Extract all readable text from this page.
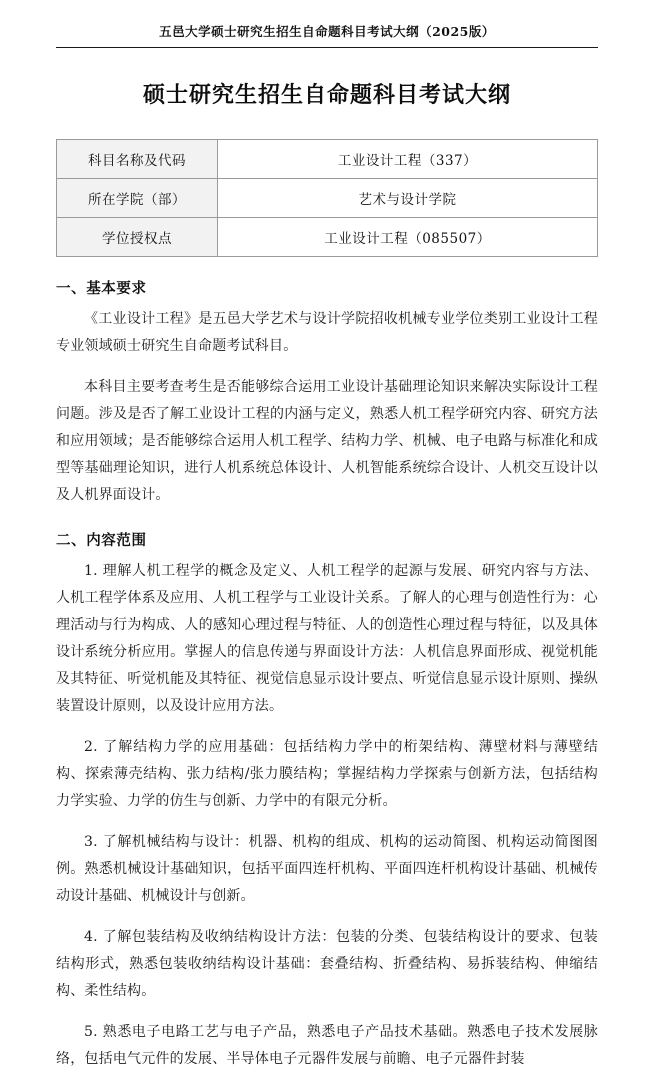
五邑大学硕士研究生招生自命题科目考试大纲（2025版）
硕士研究生招生自命题科目考试大纲
科目名称及代码	工业设计工程（337）
所在学院（部）	艺术与设计学院
学位授权点	工业设计工程（085507）
一、基本要求

《工业设计工程》是五邑大学艺术与设计学院招收机械专业学位类别工业设计工程专业领域硕士研究生自命题考试科目。

本科目主要考查考生是否能够综合运用工业设计基础理论知识来解决实际设计工程问题。涉及是否了解工业设计工程的内涵与定义，熟悉人机工程学研究内容、研究方法和应用领域；是否能够综合运用人机工程学、结构力学、机械、电子电路与标准化和成型等基础理论知识，进行人机系统总体设计、人机智能系统综合设计、人机交互设计以及人机界面设计。

二、内容范围

1. 理解人机工程学的概念及定义、人机工程学的起源与发展、研究内容与方法、人机工程学体系及应用、人机工程学与工业设计关系。了解人的心理与创造性行为：心理活动与行为构成、人的感知心理过程与特征、人的创造性心理过程与特征，以及具体设计系统分析应用。掌握人的信息传递与界面设计方法：人机信息界面形成、视觉机能及其特征、听觉机能及其特征、视觉信息显示设计要点、听觉信息显示设计原则、操纵装置设计原则，以及设计应用方法。

2. 了解结构力学的应用基础：包括结构力学中的桁架结构、薄壁材料与薄壁结构、探索薄壳结构、张力结构/张力膜结构；掌握结构力学探索与创新方法，包括结构力学实验、力学的仿生与创新、力学中的有限元分析。

3. 了解机械结构与设计：机器、机构的组成、机构的运动简图、机构运动简图图例。熟悉机械设计基础知识，包括平面四连杆机构、平面四连杆机构设计基础、机械传动设计基础、机械设计与创新。

4. 了解包装结构及收纳结构设计方法：包装的分类、包装结构设计的要求、包装结构形式，熟悉包装收纳结构设计基础：套叠结构、折叠结构、易拆装结构、伸缩结构、柔性结构。

5. 熟悉电子电路工艺与电子产品，熟悉电子产品技术基础。熟悉电子技术发展脉络，包括电气元件的发展、半导体电子元器件发展与前瞻、电子元器件封装
